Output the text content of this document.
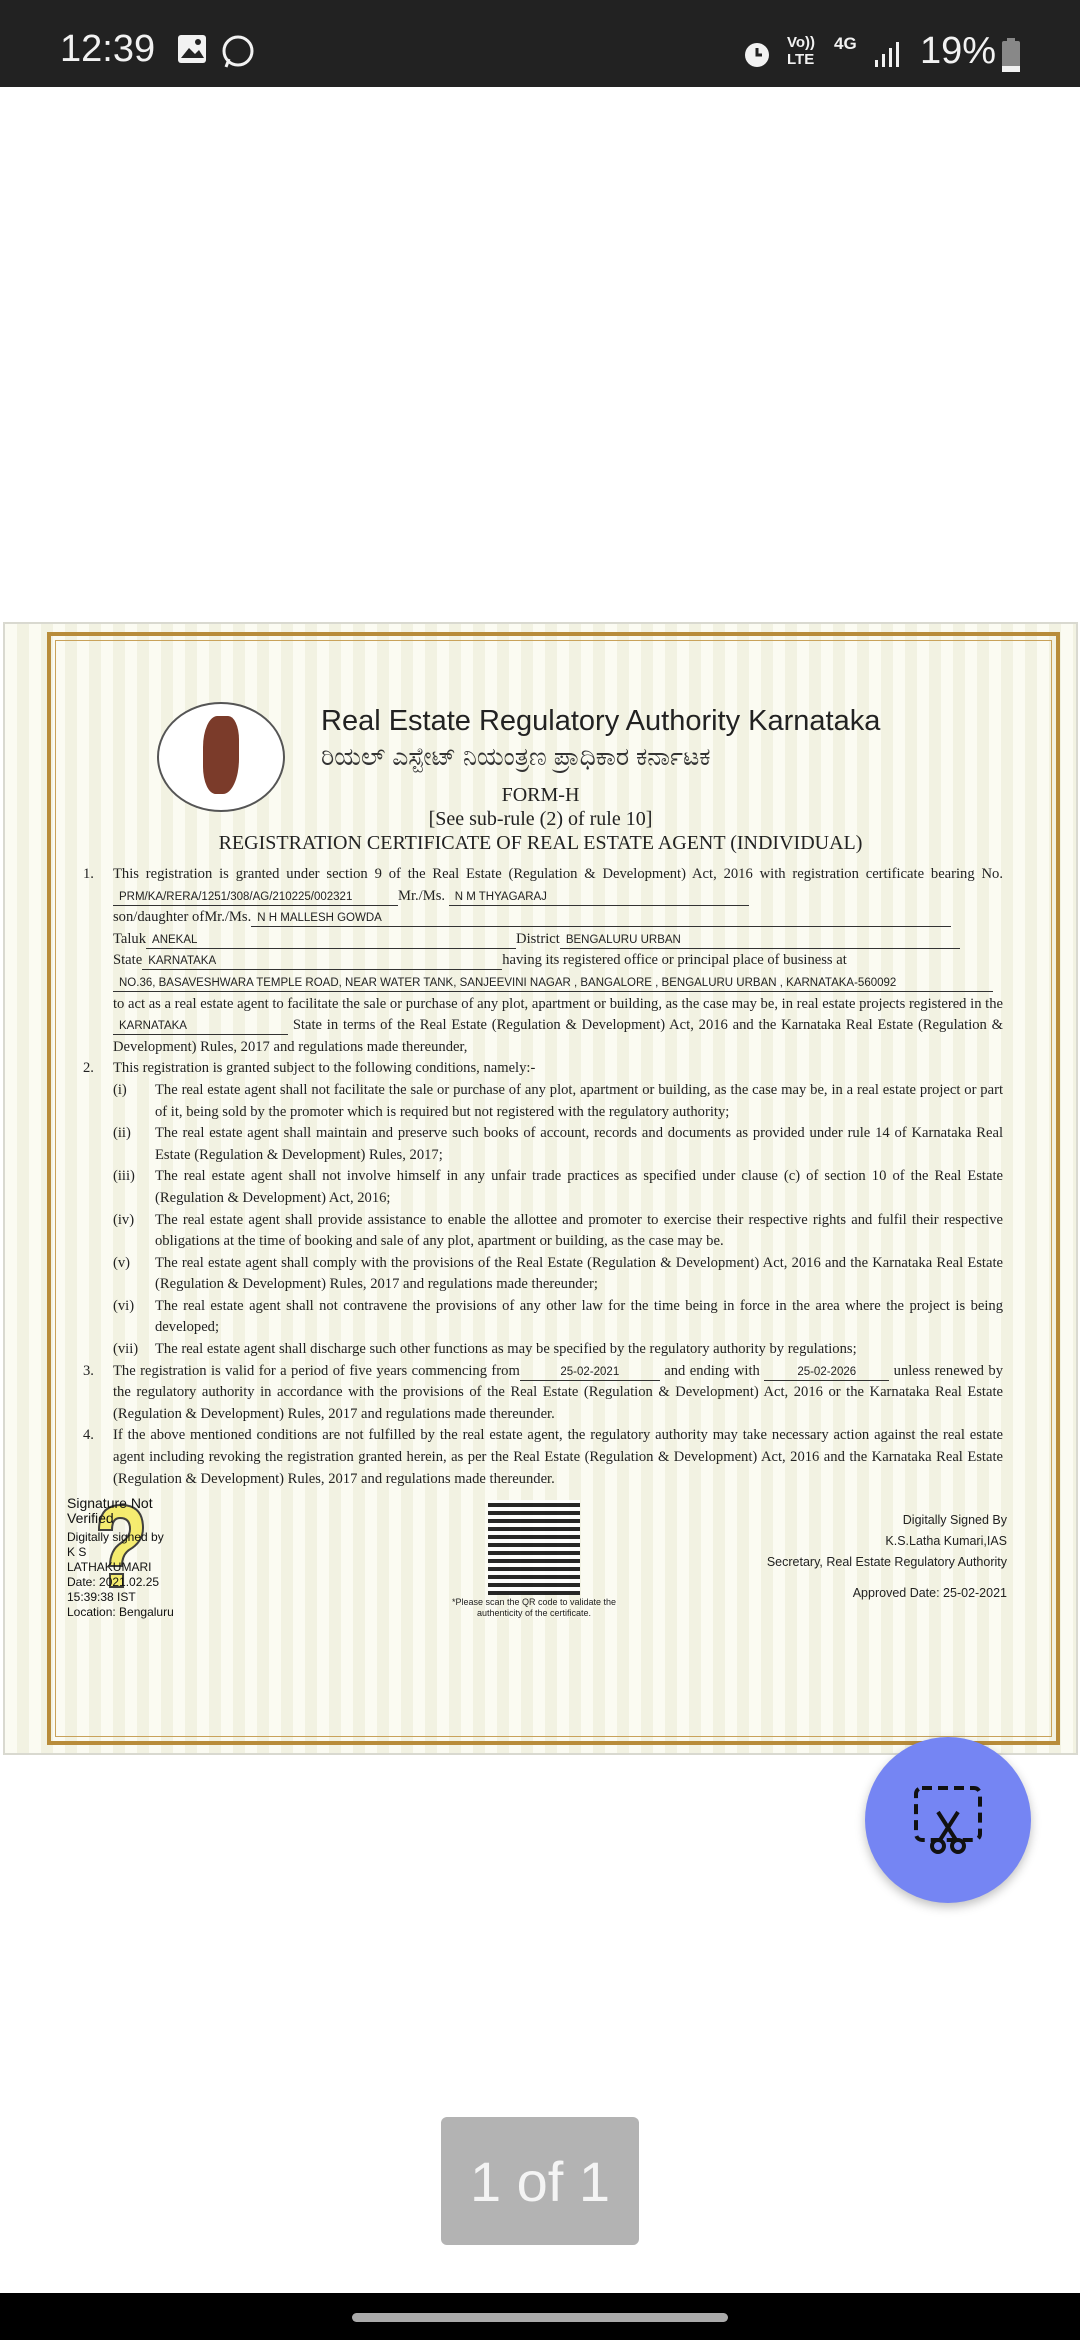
12:39	Vo)) LTE
4G 19%
Real Estate Regulatory Authority Karnataka
ರಿಯಲ್ ಎಸ್ಟೇಟ್ ನಿಯಂತ್ರಣ ಪ್ರಾಧಿಕಾರ ಕರ್ನಾಟಕ
FORM-H
[See sub-rule (2) of rule 10]
REGISTRATION CERTIFICATE OF REAL ESTATE AGENT (INDIVIDUAL)
1.	This registration is granted under section 9 of the Real Estate (Regulation & Development) Act, 2016 with registration certificate bearing No. PRM/KA/RERA/1251/308/AG/210225/002321	Mr./Ms. N M THYAGARAJ
son/daughter ofMr./Ms. N H MALLESH GOWDA
Taluk ANEKAL	District BENGALURU URBAN
State KARNATAKA	having its registered office or principal place of business at
NO.36, BASAVESHWARA TEMPLE ROAD, NEAR WATER TANK, SANJEEVINI NAGAR , BANGALORE , BENGALURU URBAN , KARNATAKA-560092
to act as a real estate agent to facilitate the sale or purchase of any plot, apartment or building, as the case may be, in real estate projects registered in the KARNATAKA	State in terms of the Real Estate (Regulation & Development) Act, 2016 and the Karnataka Real Estate (Regulation & Development) Rules, 2017 and regulations made thereunder,
2.	This registration is granted subject to the following conditions, namely:-
(i)	The real estate agent shall not facilitate the sale or purchase of any plot, apartment or building, as the case may be, in a real estate project or part of it, being sold by the promoter which is required but not registered with the regulatory authority;
(ii)	The real estate agent shall maintain and preserve such books of account, records and documents as provided under rule 14 of Karnataka Real Estate (Regulation & Development) Rules, 2017;
(iii)	The real estate agent shall not involve himself in any unfair trade practices as specified under clause (c) of section 10 of the Real Estate (Regulation & Development) Act, 2016;
(iv)	The real estate agent shall provide assistance to enable the allottee and promoter to exercise their respective rights and fulfil their respective obligations at the time of booking and sale of any plot, apartment or building, as the case may be.
(v)	The real estate agent shall comply with the provisions of the Real Estate (Regulation & Development) Act, 2016 and the Karnataka Real Estate (Regulation & Development) Rules, 2017 and regulations made thereunder;
(vi)	The real estate agent shall not contravene the provisions of any other law for the time being in force in the area where the project is being developed;
(vii)	The real estate agent shall discharge such other functions as may be specified by the regulatory authority by regulations;
3.	The registration is valid for a period of five years commencing from	25-02-2021	and ending with	25-02-2026	unless renewed by the regulatory authority in accordance with the provisions of the Real Estate (Regulation & Development) Act, 2016 or the Karnataka Real Estate (Regulation & Development) Rules, 2017 and regulations made thereunder.
4.	If the above mentioned conditions are not fulfilled by the real estate agent, the regulatory authority may take necessary action against the real estate agent including revoking the registration granted herein, as per the Real Estate (Regulation & Development) Act, 2016 and the Karnataka Real Estate (Regulation & Development) Rules, 2017 and regulations made thereunder.
Signature Not
Verified
Digitally signed by
K S
LATHAKUMARI
Date: 2021.02.25
15:39:38 IST
Location: Bengaluru
*Please scan the QR code to validate the authenticity of the certificate.
Digitally Signed By
K.S.Latha Kumari,IAS
Secretary, Real Estate Regulatory Authority
Approved Date: 25-02-2021
1 of 1
